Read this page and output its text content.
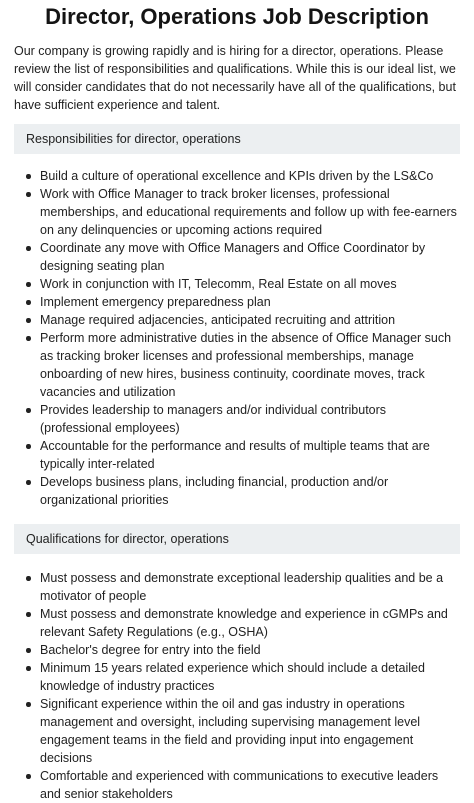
Director, Operations Job Description

Our company is growing rapidly and is hiring for a director, operations. Please review the list of responsibilities and qualifications. While this is our ideal list, we will consider candidates that do not necessarily have all of the qualifications, but have sufficient experience and talent.

Responsibilities for director, operations
Build a culture of operational excellence and KPIs driven by the LS&Co
Work with Office Manager to track broker licenses, professional memberships, and educational requirements and follow up with fee-earners on any delinquencies or upcoming actions required
Coordinate any move with Office Managers and Office Coordinator by designing seating plan
Work in conjunction with IT, Telecomm, Real Estate on all moves
Implement emergency preparedness plan
Manage required adjacencies, anticipated recruiting and attrition
Perform more administrative duties in the absence of Office Manager such as tracking broker licenses and professional memberships, manage onboarding of new hires, business continuity, coordinate moves, track vacancies and utilization
Provides leadership to managers and/or individual contributors (professional employees)
Accountable for the performance and results of multiple teams that are typically inter-related
Develops business plans, including financial, production and/or organizational priorities
Qualifications for director, operations
Must possess and demonstrate exceptional leadership qualities and be a motivator of people
Must possess and demonstrate knowledge and experience in cGMPs and relevant Safety Regulations (e.g., OSHA)
Bachelor's degree for entry into the field
Minimum 15 years related experience which should include a detailed knowledge of industry practices
Significant experience within the oil and gas industry in operations management and oversight, including supervising management level engagement teams in the field and providing input into engagement decisions
Comfortable and experienced with communications to executive leaders and senior stakeholders
